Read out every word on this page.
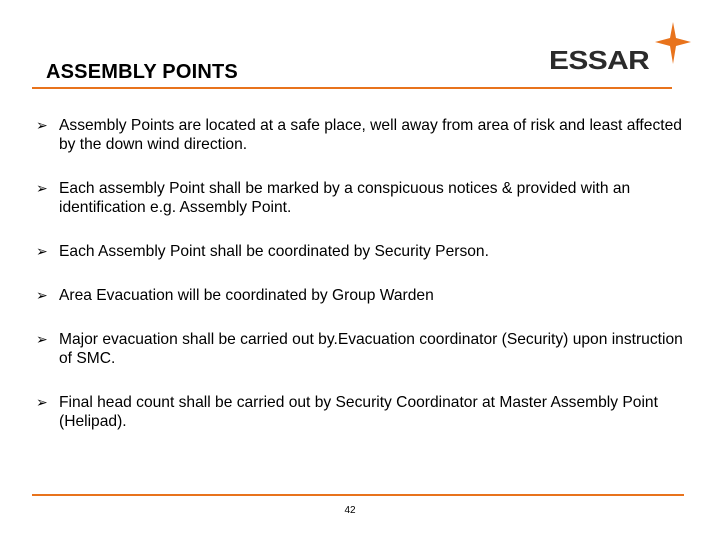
ASSEMBLY POINTS	ESSAR
➢ Assembly Points are located at a safe place, well away from area of risk and least affected by the down wind direction.
➢ Each assembly Point shall be marked by a conspicuous notices & provided with an identification e.g. Assembly Point.
➢ Each Assembly Point shall be coordinated by Security Person.
➢ Area Evacuation will be coordinated by Group Warden
➢ Major evacuation shall be carried out by.Evacuation coordinator (Security) upon instruction of SMC.
➢ Final head count shall be carried out by Security Coordinator at Master Assembly Point (Helipad).
42
